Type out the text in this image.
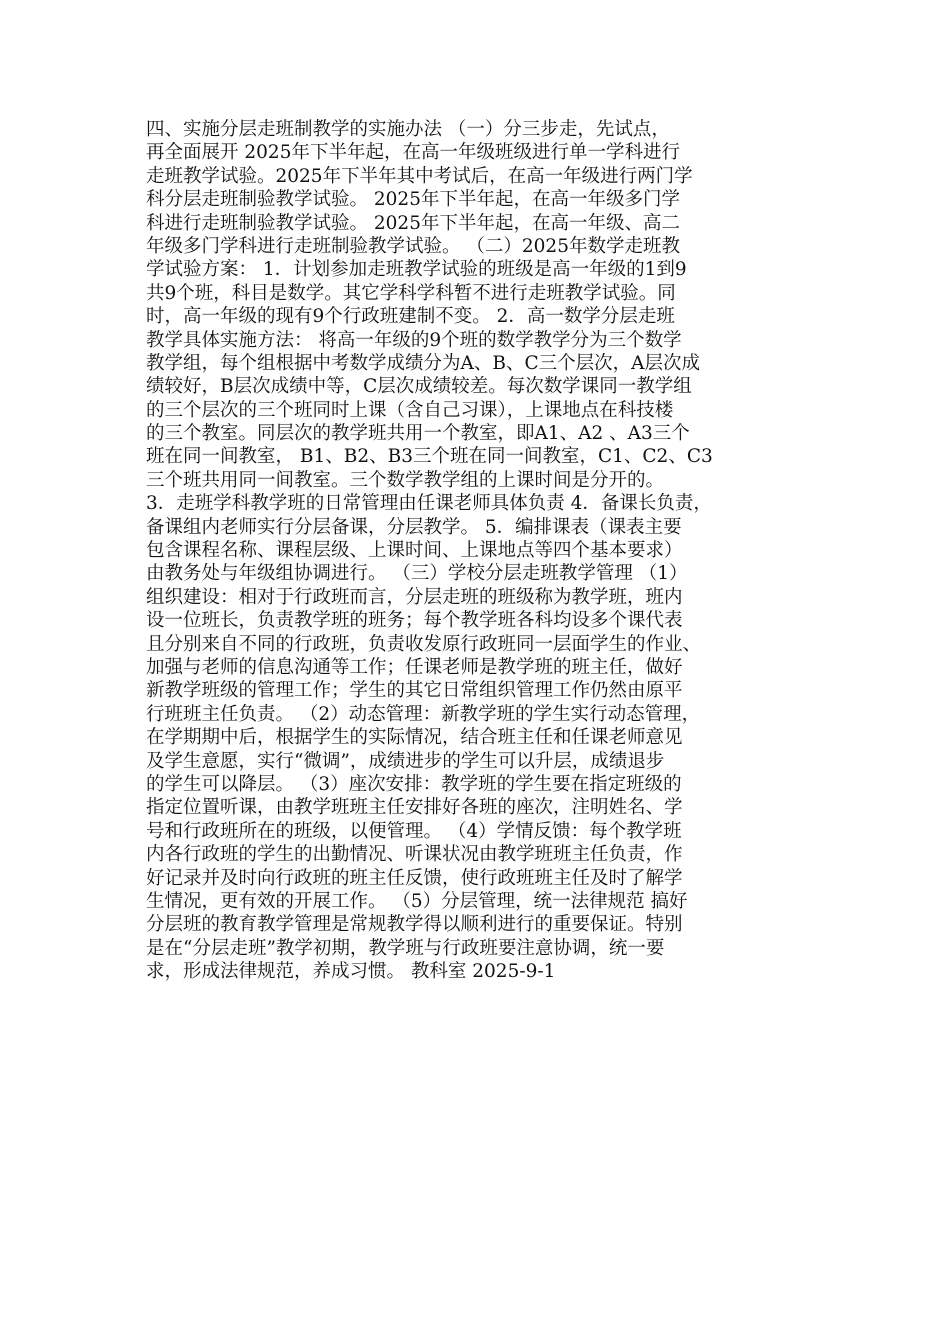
四、实施分层走班制教学的实施办法 （一）分三步走，先试点，
再全面展开 2025年下半年起，在高一年级班级进行单一学科进行
走班教学试验。2025年下半年其中考试后，在高一年级进行两门学
科分层走班制验教学试验。 2025年下半年起，在高一年级多门学
科进行走班制验教学试验。 2025年下半年起，在高一年级、高二
年级多门学科进行走班制验教学试验。 （二）2025年数学走班教
学试验方案： 1．计划参加走班教学试验的班级是高一年级的1到9
共9个班，科目是数学。其它学科学科暂不进行走班教学试验。同
时，高一年级的现有9个行政班建制不变。 2．高一数学分层走班
教学具体实施方法： 将高一年级的9个班的数学教学分为三个数学
教学组，每个组根据中考数学成绩分为A、B、C三个层次，A层次成
绩较好，B层次成绩中等，C层次成绩较差。每次数学课同一教学组
的三个层次的三个班同时上课（含自己习课），上课地点在科技楼
的三个教室。同层次的教学班共用一个教室，即A1、A2 、A3三个
班在同一间教室， B1、B2、B3三个班在同一间教室，C1、C2、C3
三个班共用同一间教室。三个数学教学组的上课时间是分开的。
3．走班学科教学班的日常管理由任课老师具体负责 4．备课长负责，
备课组内老师实行分层备课，分层教学。 5．编排课表（课表主要
包含课程名称、课程层级、上课时间、上课地点等四个基本要求）
由教务处与年级组协调进行。 （三）学校分层走班教学管理 （1）
组织建设：相对于行政班而言，分层走班的班级称为教学班，班内
设一位班长，负责教学班的班务；每个教学班各科均设多个课代表
且分别来自不同的行政班，负责收发原行政班同一层面学生的作业、
加强与老师的信息沟通等工作；任课老师是教学班的班主任，做好
新教学班级的管理工作；学生的其它日常组织管理工作仍然由原平
行班班主任负责。 （2）动态管理：新教学班的学生实行动态管理，
在学期期中后，根据学生的实际情况，结合班主任和任课老师意见
及学生意愿，实行“微调”，成绩进步的学生可以升层，成绩退步
的学生可以降层。 （3）座次安排：教学班的学生要在指定班级的
指定位置听课，由教学班班主任安排好各班的座次，注明姓名、学
号和行政班所在的班级，以便管理。 （4）学情反馈：每个教学班
内各行政班的学生的出勤情况、听课状况由教学班班主任负责，作
好记录并及时向行政班的班主任反馈，使行政班班主任及时了解学
生情况，更有效的开展工作。 （5）分层管理，统一法律规范 搞好
分层班的教育教学管理是常规教学得以顺利进行的重要保证。特别
是在“分层走班”教学初期，教学班与行政班要注意协调，统一要
求，形成法律规范，养成习惯。 教科室 2025-9-1
